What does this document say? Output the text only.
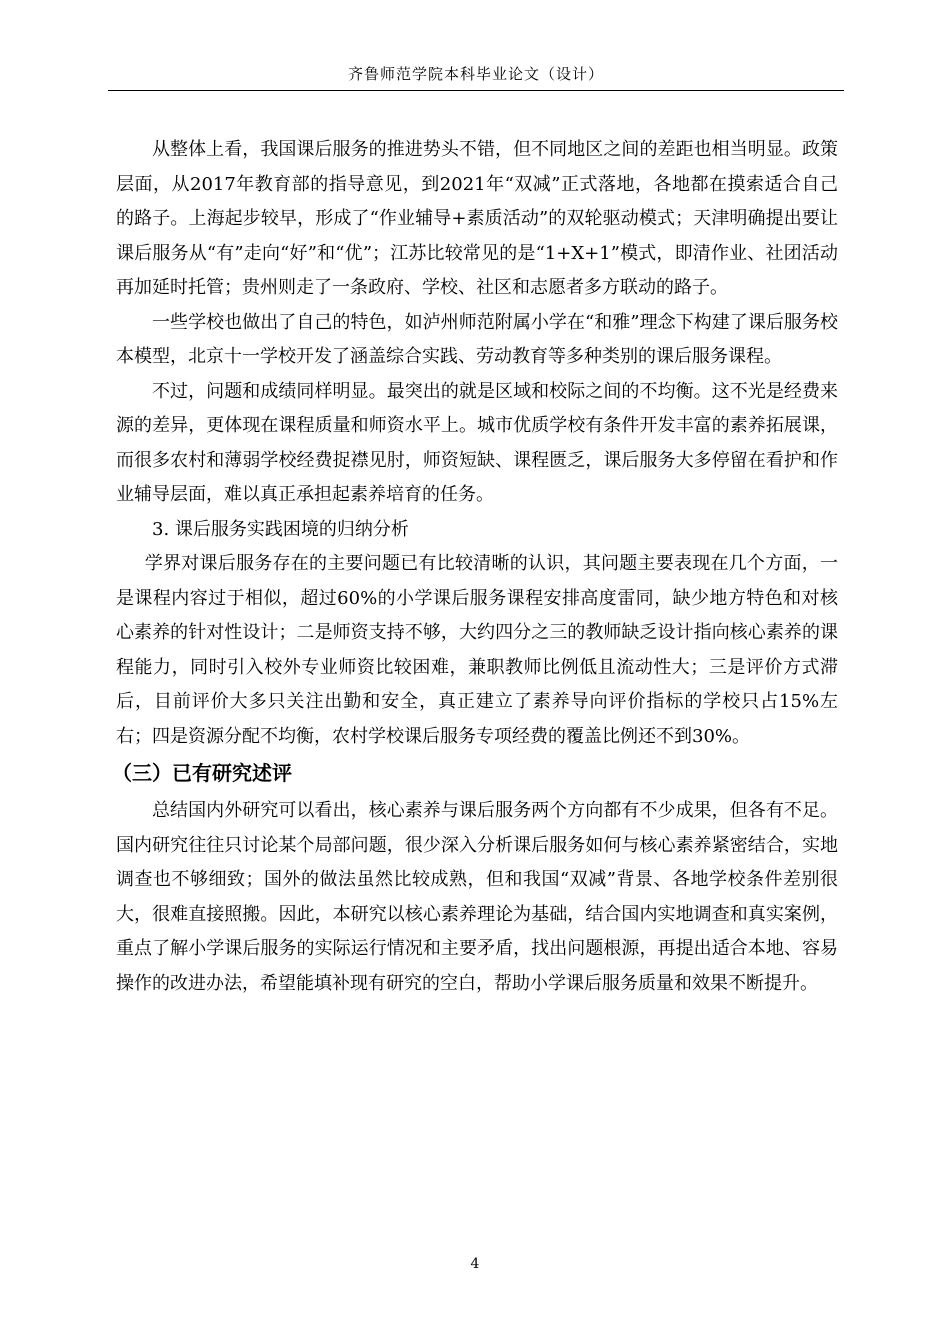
齐鲁师范学院本科毕业论文（设计）

从整体上看，我国课后服务的推进势头不错，但不同地区之间的差距也相当明显。政策层面，从2017年教育部的指导意见，到2021年“双减”正式落地，各地都在摸索适合自己的路子。上海起步较早，形成了“作业辅导+素质活动”的双轮驱动模式；天津明确提出要让课后服务从“有”走向“好”和“优”；江苏比较常见的是“1+X+1”模式，即清作业、社团活动再加延时托管；贵州则走了一条政府、学校、社区和志愿者多方联动的路子。

一些学校也做出了自己的特色，如泸州师范附属小学在“和雅”理念下构建了课后服务校本模型，北京十一学校开发了涵盖综合实践、劳动教育等多种类别的课后服务课程。

不过，问题和成绩同样明显。最突出的就是区域和校际之间的不均衡。这不光是经费来源的差异，更体现在课程质量和师资水平上。城市优质学校有条件开发丰富的素养拓展课，而很多农村和薄弱学校经费捉襟见肘，师资短缺、课程匮乏，课后服务大多停留在看护和作业辅导层面，难以真正承担起素养培育的任务。

3. 课后服务实践困境的归纳分析

学界对课后服务存在的主要问题已有比较清晰的认识，其问题主要表现在几个方面，一是课程内容过于相似，超过60%的小学课后服务课程安排高度雷同，缺少地方特色和对核心素养的针对性设计；二是师资支持不够，大约四分之三的教师缺乏设计指向核心素养的课程能力，同时引入校外专业师资比较困难，兼职教师比例低且流动性大；三是评价方式滞后，目前评价大多只关注出勤和安全，真正建立了素养导向评价指标的学校只占15%左右；四是资源分配不均衡，农村学校课后服务专项经费的覆盖比例还不到30%。

（三）已有研究述评

总结国内外研究可以看出，核心素养与课后服务两个方向都有不少成果，但各有不足。国内研究往往只讨论某个局部问题，很少深入分析课后服务如何与核心素养紧密结合，实地调查也不够细致；国外的做法虽然比较成熟，但和我国“双减”背景、各地学校条件差别很大，很难直接照搬。因此，本研究以核心素养理论为基础，结合国内实地调查和真实案例，重点了解小学课后服务的实际运行情况和主要矛盾，找出问题根源，再提出适合本地、容易操作的改进办法，希望能填补现有研究的空白，帮助小学课后服务质量和效果不断提升。

4
